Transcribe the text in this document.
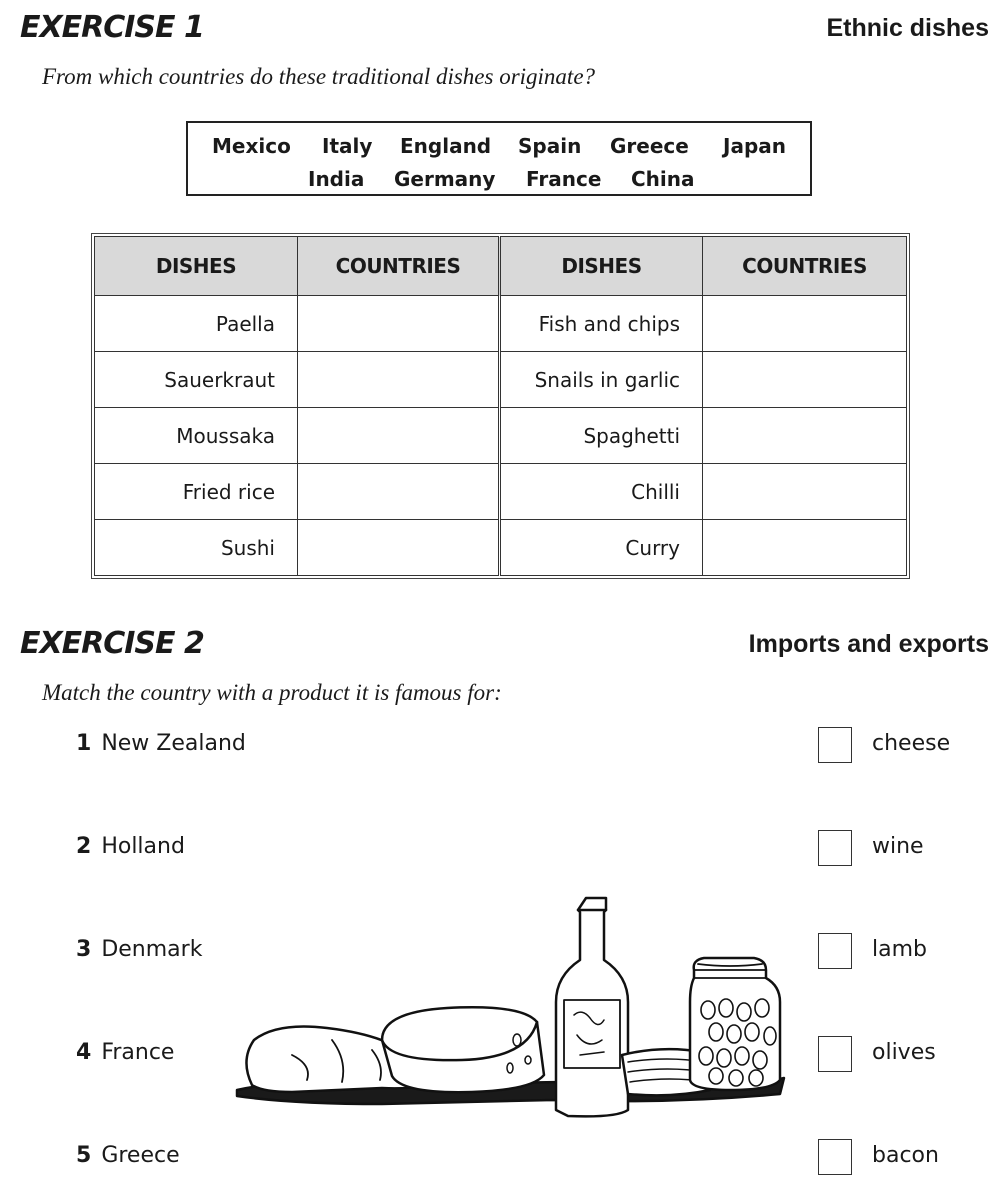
EXERCISE 1	Ethnic dishes

From which countries do these traditional dishes originate?

Mexico Italy England Spain Greece Japan
India Germany France China
DISHES	COUNTRIES	DISHES	COUNTRIES
Paella		Fish and chips	
Sauerkraut		Snails in garlic	
Moussaka		Spaghetti	
Fried rice		Chilli	
Sushi		Curry	
EXERCISE 2	Imports and exports

Match the country with a product it is famous for:

1 New Zealand
2 Holland
3 Denmark
4 France
5 Greece
cheese
wine
lamb
olives
bacon
